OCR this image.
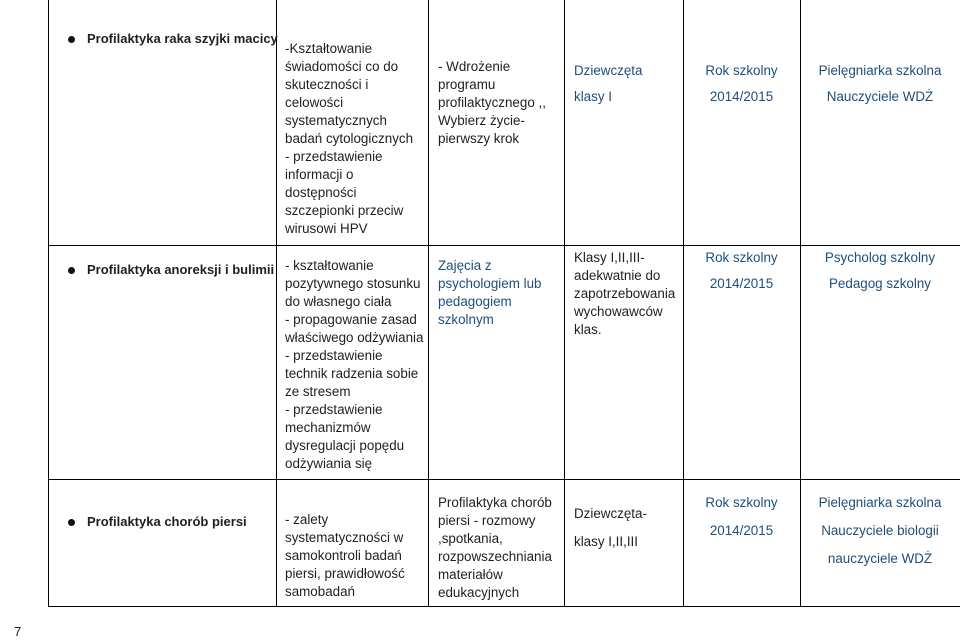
Profilaktyka raka szyjki macicy
-Kształtowanie
świadomości co do
skuteczności i
celowości
systematycznych
badań cytologicznych
- przedstawienie
informacji o
dostępności
szczepionki przeciw
wirusowi HPV
- Wdrożenie
programu
profilaktycznego ,,
Wybierz życie-
pierwszy krok
Dziewczęta
klasy I
Rok szkolny
2014/2015
Pielęgniarka szkolna
Nauczyciele WDŻ
Profilaktyka anoreksji i bulimii - kształtowanie
pozytywnego stosunku
do własnego ciała
- propagowanie zasad
właściwego odżywiania
- przedstawienie
technik radzenia sobie
ze stresem
- przedstawienie
mechanizmów
dysregulacji popędu
odżywiania się
Zajęcia z
psychologiem lub
pedagogiem
szkolnym
Klasy I,II,III-
adekwatnie do
zapotrzebowania
wychowawców
klas.
Rok szkolny
2014/2015
Psycholog szkolny
Pedagog szkolny
Profilaktyka chorób piersi	- zalety
systematyczności w
samokontroli badań
piersi, prawidłowość
samobadań
Profilaktyka chorób
piersi - rozmowy
,spotkania,
rozpowszechniania
materiałów
edukacyjnych
Dziewczęta-
klasy I,II,III
Rok szkolny
2014/2015
Pielęgniarka szkolna
Nauczyciele biologii
nauczyciele WDŻ
7
